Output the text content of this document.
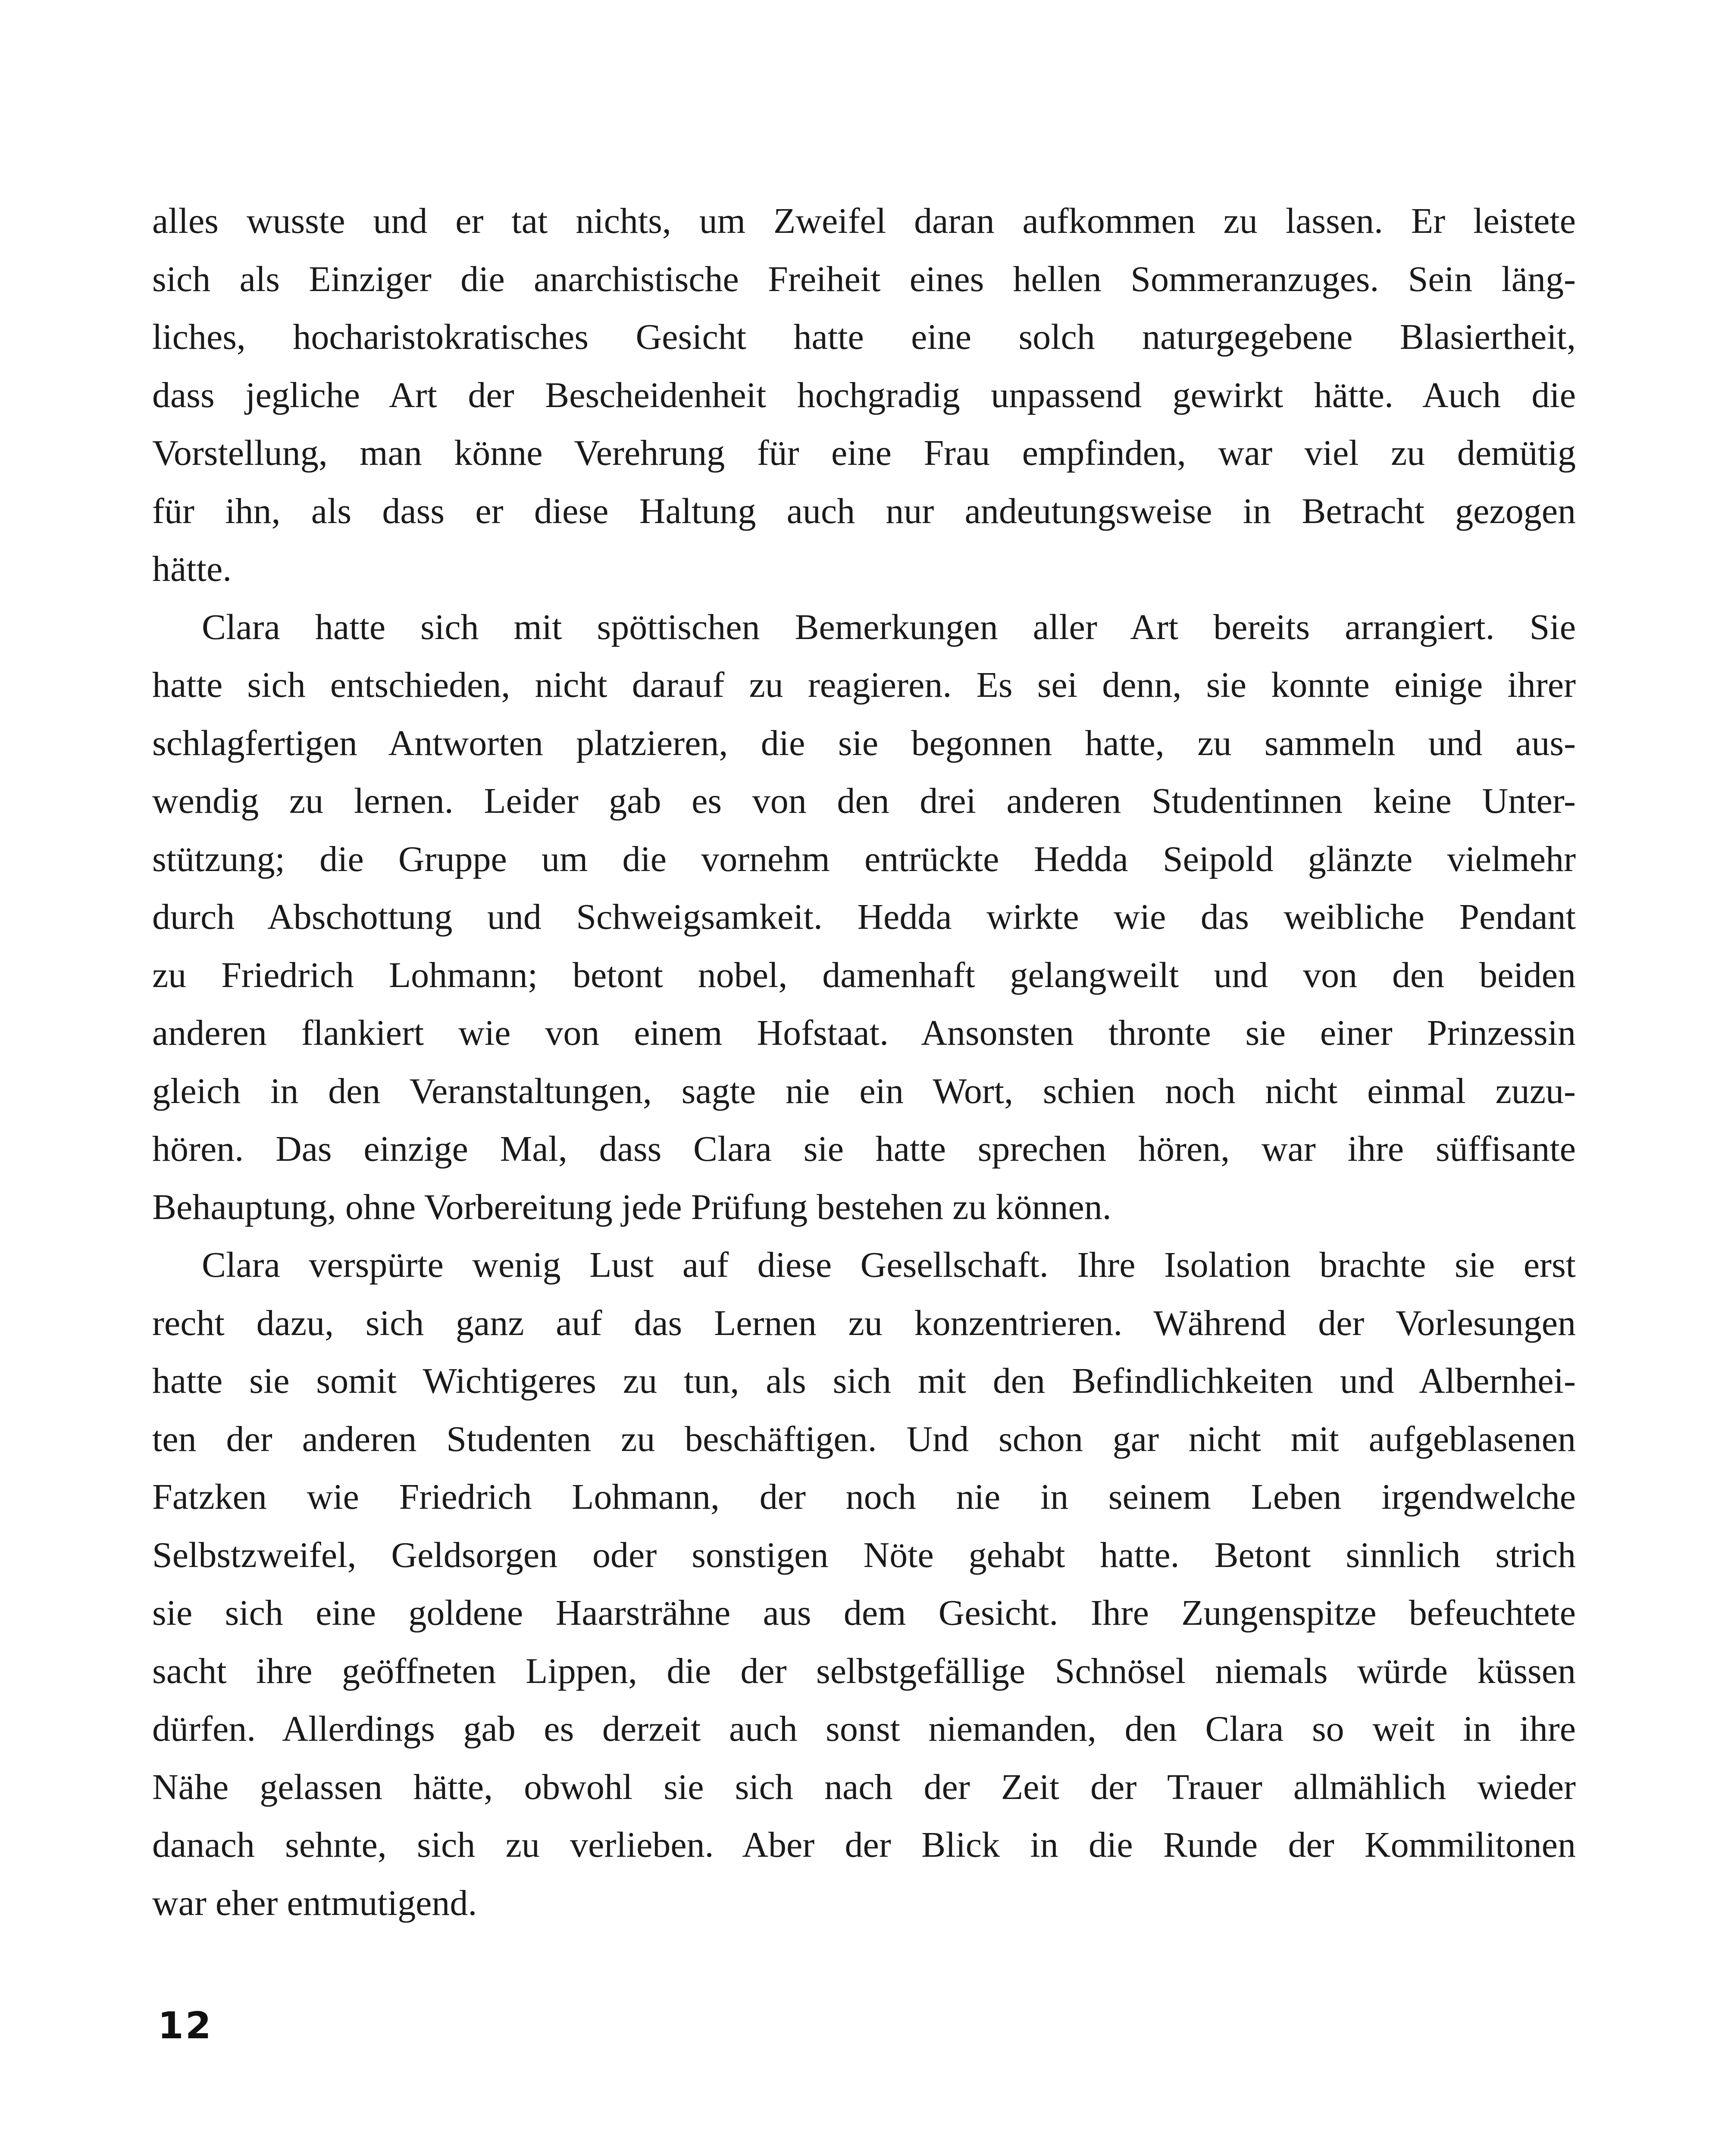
alles wusste und er tat nichts, um Zweifel daran aufkommen zu lassen. Er leistete
sich als Einziger die anarchistische Freiheit eines hellen Sommeranzuges. Sein läng-
liches, hocharistokratisches Gesicht hatte eine solch naturgegebene Blasiertheit,
dass jegliche Art der Bescheidenheit hochgradig unpassend gewirkt hätte. Auch die
Vorstellung, man könne Verehrung für eine Frau empfinden, war viel zu demütig
für ihn, als dass er diese Haltung auch nur andeutungsweise in Betracht gezogen
hätte.

Clara hatte sich mit spöttischen Bemerkungen aller Art bereits arrangiert. Sie
hatte sich entschieden, nicht darauf zu reagieren. Es sei denn, sie konnte einige ihrer
schlagfertigen Antworten platzieren, die sie begonnen hatte, zu sammeln und aus-
wendig zu lernen. Leider gab es von den drei anderen Studentinnen keine Unter-
stützung; die Gruppe um die vornehm entrückte Hedda Seipold glänzte vielmehr
durch Abschottung und Schweigsamkeit. Hedda wirkte wie das weibliche Pendant
zu Friedrich Lohmann; betont nobel, damenhaft gelangweilt und von den beiden
anderen flankiert wie von einem Hofstaat. Ansonsten thronte sie einer Prinzessin
gleich in den Veranstaltungen, sagte nie ein Wort, schien noch nicht einmal zuzu-
hören. Das einzige Mal, dass Clara sie hatte sprechen hören, war ihre süffisante
Behauptung, ohne Vorbereitung jede Prüfung bestehen zu können.

Clara verspürte wenig Lust auf diese Gesellschaft. Ihre Isolation brachte sie erst
recht dazu, sich ganz auf das Lernen zu konzentrieren. Während der Vorlesungen
hatte sie somit Wichtigeres zu tun, als sich mit den Befindlichkeiten und Albernhei-
ten der anderen Studenten zu beschäftigen. Und schon gar nicht mit aufgeblasenen
Fatzken wie Friedrich Lohmann, der noch nie in seinem Leben irgendwelche
Selbstzweifel, Geldsorgen oder sonstigen Nöte gehabt hatte. Betont sinnlich strich
sie sich eine goldene Haarsträhne aus dem Gesicht. Ihre Zungenspitze befeuchtete
sacht ihre geöffneten Lippen, die der selbstgefällige Schnösel niemals würde küssen
dürfen. Allerdings gab es derzeit auch sonst niemanden, den Clara so weit in ihre
Nähe gelassen hätte, obwohl sie sich nach der Zeit der Trauer allmählich wieder
danach sehnte, sich zu verlieben. Aber der Blick in die Runde der Kommilitonen
war eher entmutigend.

12
